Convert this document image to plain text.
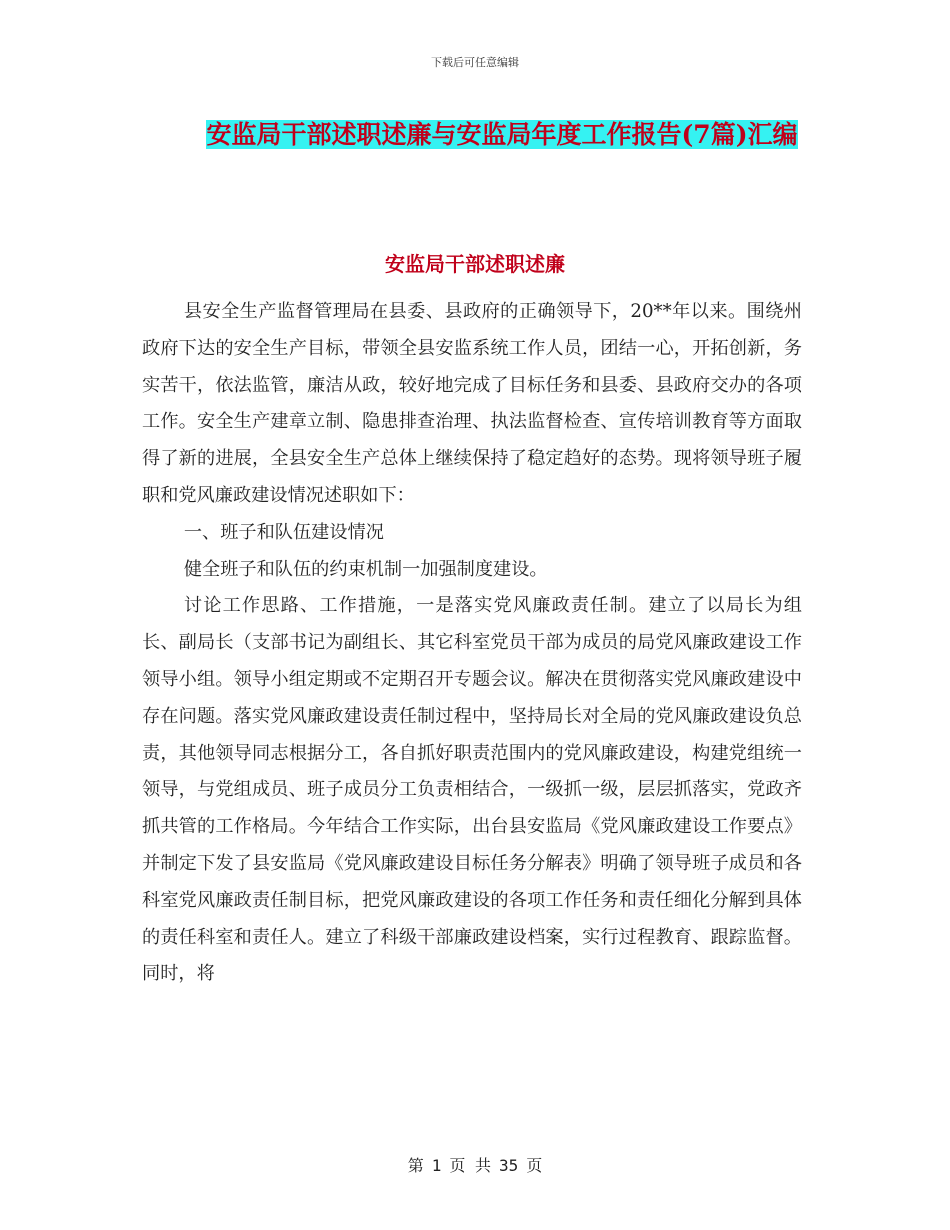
下载后可任意编辑
安监局干部述职述廉与安监局年度工作报告(7篇)汇编
安监局干部述职述廉

县安全生产监督管理局在县委、县政府的正确领导下，20**年以来。围绕州政府下达的安全生产目标，带领全县安监系统工作人员，团结一心，开拓创新，务实苦干，依法监管，廉洁从政，较好地完成了目标任务和县委、县政府交办的各项工作。安全生产建章立制、隐患排查治理、执法监督检查、宣传培训教育等方面取得了新的进展，全县安全生产总体上继续保持了稳定趋好的态势。现将领导班子履职和党风廉政建设情况述职如下：

一、班子和队伍建设情况

健全班子和队伍的约束机制一加强制度建设。

讨论工作思路、工作措施，一是落实党风廉政责任制。建立了以局长为组长、副局长（支部书记为副组长、其它科室党员干部为成员的局党风廉政建设工作领导小组。领导小组定期或不定期召开专题会议。解决在贯彻落实党风廉政建设中存在问题。落实党风廉政建设责任制过程中，坚持局长对全局的党风廉政建设负总责，其他领导同志根据分工，各自抓好职责范围内的党风廉政建设，构建党组统一领导，与党组成员、班子成员分工负责相结合，一级抓一级，层层抓落实，党政齐抓共管的工作格局。今年结合工作实际，出台县安监局《党风廉政建设工作要点》并制定下发了县安监局《党风廉政建设目标任务分解表》明确了领导班子成员和各科室党风廉政责任制目标，把党风廉政建设的各项工作任务和责任细化分解到具体的责任科室和责任人。建立了科级干部廉政建设档案，实行过程教育、跟踪监督。同时，将

第 1 页 共 35 页
